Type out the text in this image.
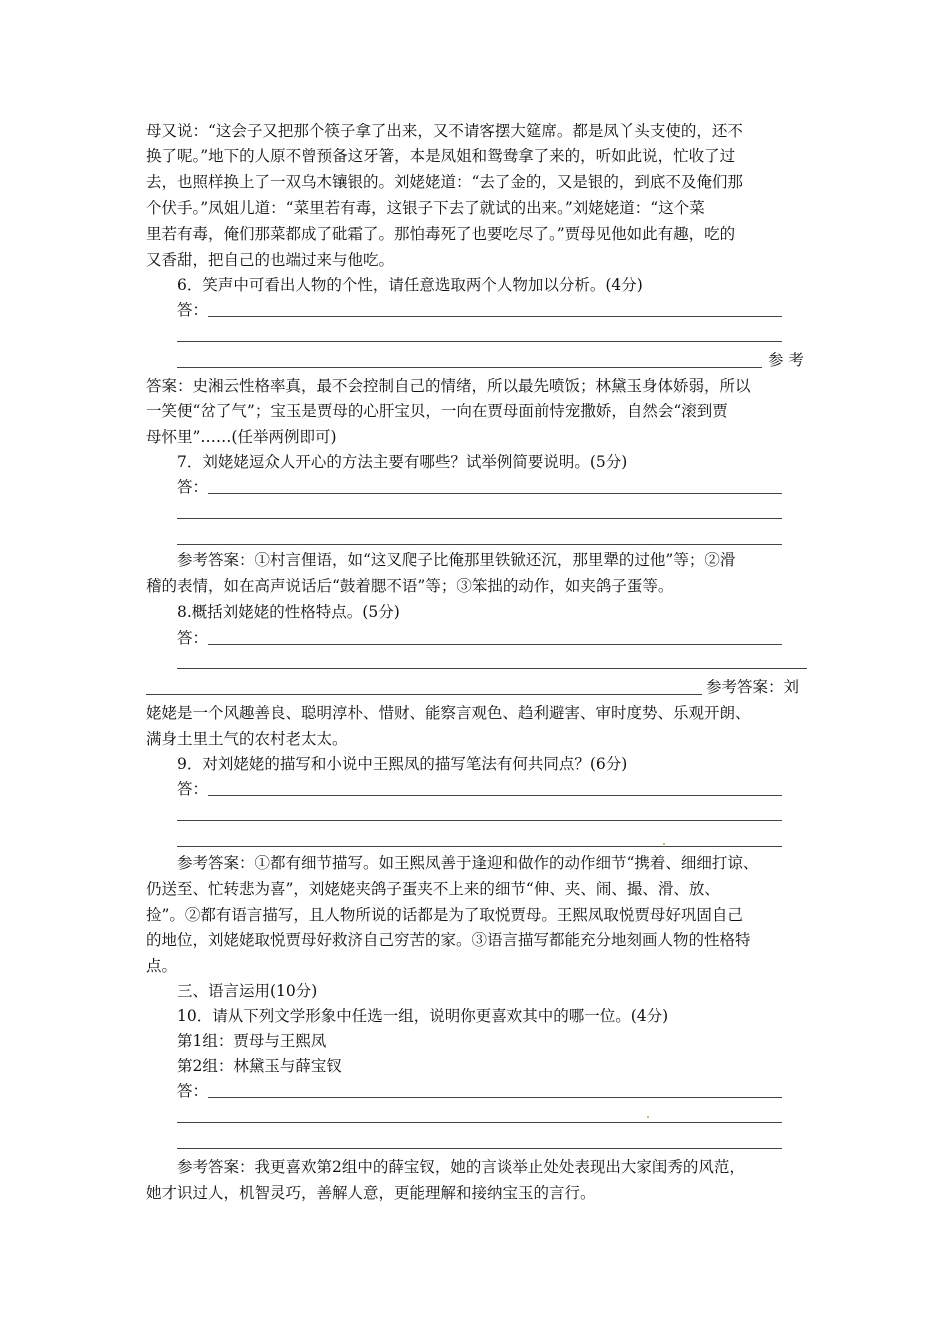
母又说：“这会子又把那个筷子拿了出来，又不请客摆大筵席。都是凤丫头支使的，还不
换了呢。”地下的人原不曾预备这牙箸，本是凤姐和鸳鸯拿了来的，听如此说，忙收了过
去，也照样换上了一双乌木镶银的。刘姥姥道：“去了金的，又是银的，到底不及俺们那
个伏手。”凤姐儿道：“菜里若有毒，这银子下去了就试的出来。”刘姥姥道：“这个菜
里若有毒，俺们那菜都成了砒霜了。那怕毒死了也要吃尽了。”贾母见他如此有趣，吃的
又香甜，把自己的也端过来与他吃。
6．笑声中可看出人物的个性，请任意选取两个人物加以分析。(4分)
答：
参 考
答案：史湘云性格率真，最不会控制自己的情绪，所以最先喷饭；林黛玉身体娇弱，所以
一笑便“岔了气”；宝玉是贾母的心肝宝贝，一向在贾母面前恃宠撒娇，自然会“滚到贾
母怀里”……(任举两例即可)
7．刘姥姥逗众人开心的方法主要有哪些？试举例简要说明。(5分)
答：
参考答案：①村言俚语，如“这叉爬子比俺那里铁锨还沉，那里犟的过他”等；②滑
稽的表情，如在高声说话后“鼓着腮不语”等；③笨拙的动作，如夹鸽子蛋等。
8.概括刘姥姥的性格特点。(5分)
答：
参考答案：刘
姥姥是一个风趣善良、聪明淳朴、惜财、能察言观色、趋利避害、审时度势、乐观开朗、
满身土里土气的农村老太太。
9．对刘姥姥的描写和小说中王熙凤的描写笔法有何共同点？(6分)
答：
参考答案：①都有细节描写。如王熙凤善于逢迎和做作的动作细节“携着、细细打谅、
仍送至、忙转悲为喜”，刘姥姥夹鸽子蛋夹不上来的细节“伸、夹、闹、撮、滑、放、
捡”。②都有语言描写，且人物所说的话都是为了取悦贾母。王熙凤取悦贾母好巩固自己
的地位，刘姥姥取悦贾母好救济自己穷苦的家。③语言描写都能充分地刻画人物的性格特
点。
三、语言运用(10分)
10．请从下列文学形象中任选一组，说明你更喜欢其中的哪一位。(4分)
第1组：贾母与王熙凤
第2组：林黛玉与薛宝钗
答：
参考答案：我更喜欢第2组中的薛宝钗，她的言谈举止处处表现出大家闺秀的风范，
她才识过人，机智灵巧，善解人意，更能理解和接纳宝玉的言行。
